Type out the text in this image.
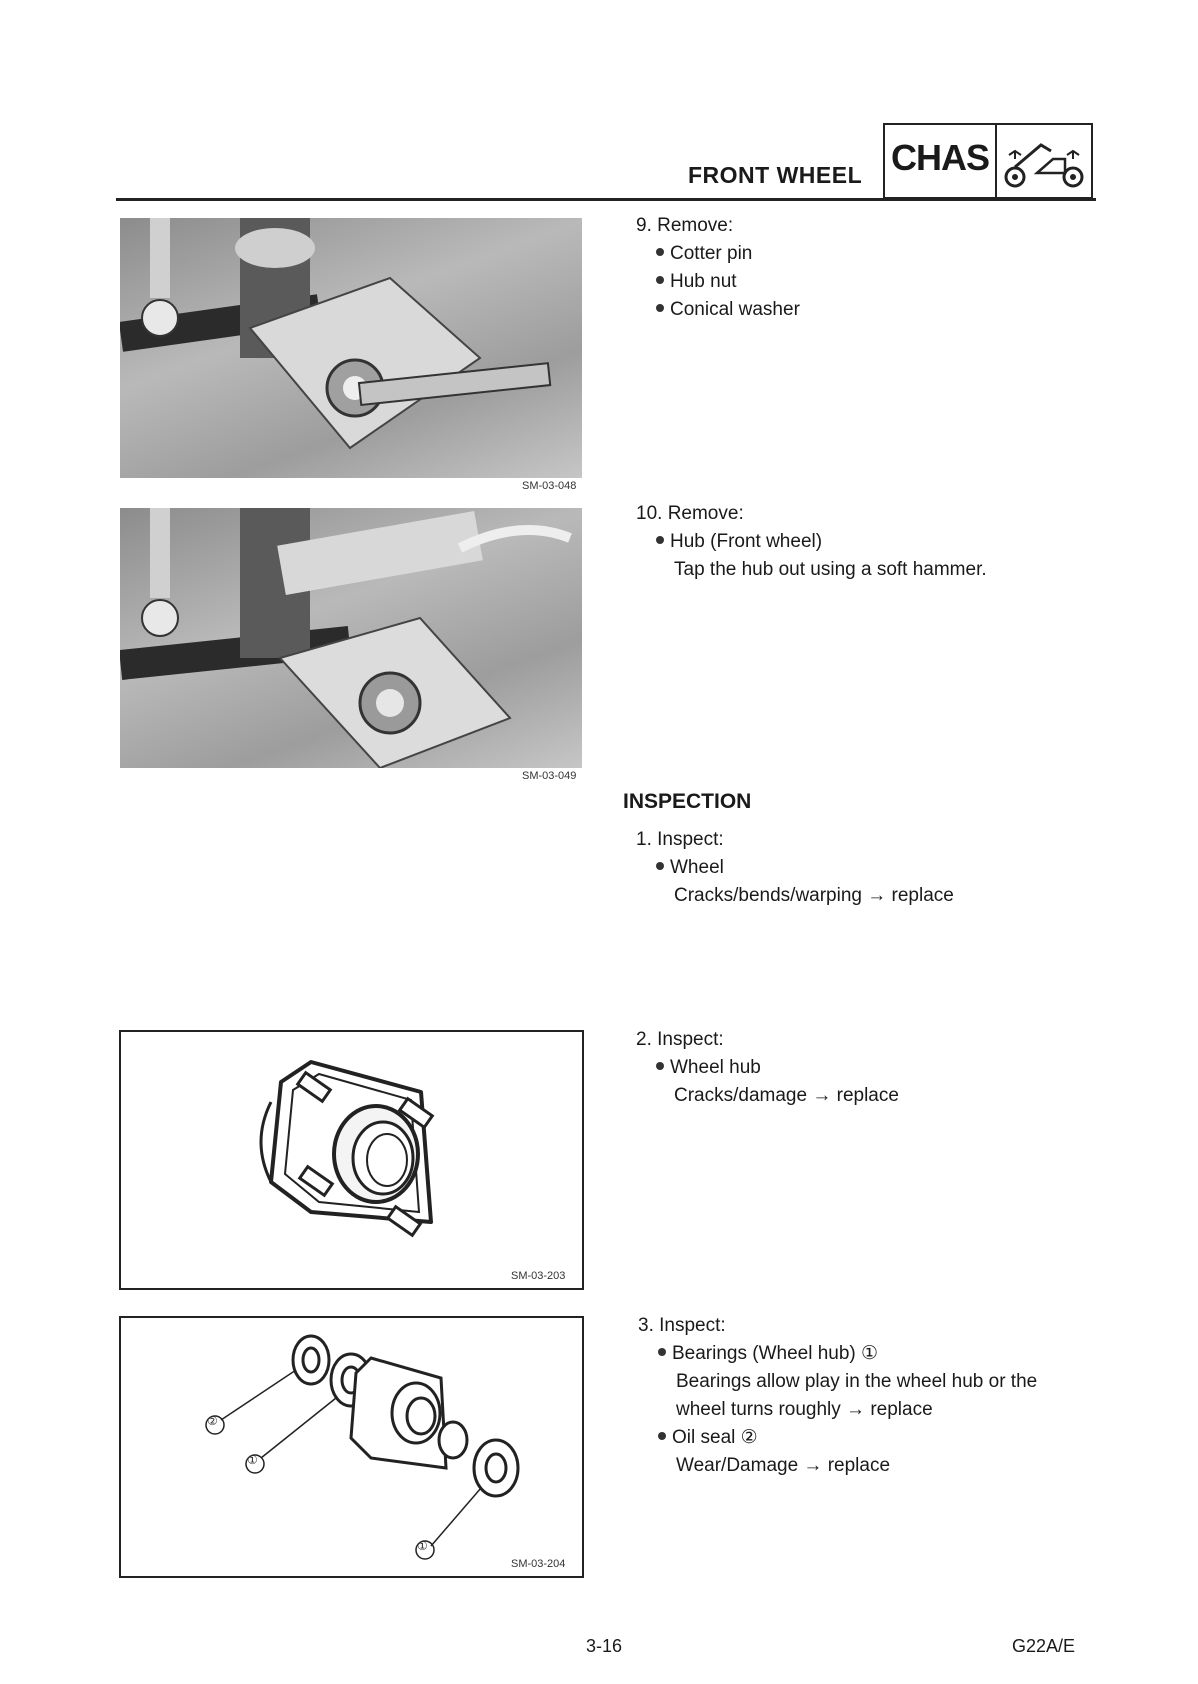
FRONT WHEEL CHAS
SM-03-048
SM-03-049
SM-03-203
②
①
①
SM-03-204
9. Remove:
Cotter pin
Hub nut
Conical washer
10. Remove:
Hub (Front wheel)
Tap the hub out using a soft hammer.
INSPECTION
1. Inspect:
Wheel
Cracks/bends/warping → replace
2. Inspect:
Wheel hub
Cracks/damage → replace
3. Inspect:
Bearings (Wheel hub) ①
Bearings allow play in the wheel hub or the
wheel turns roughly → replace
Oil seal ②
Wear/Damage → replace
3-16	G22A/E
